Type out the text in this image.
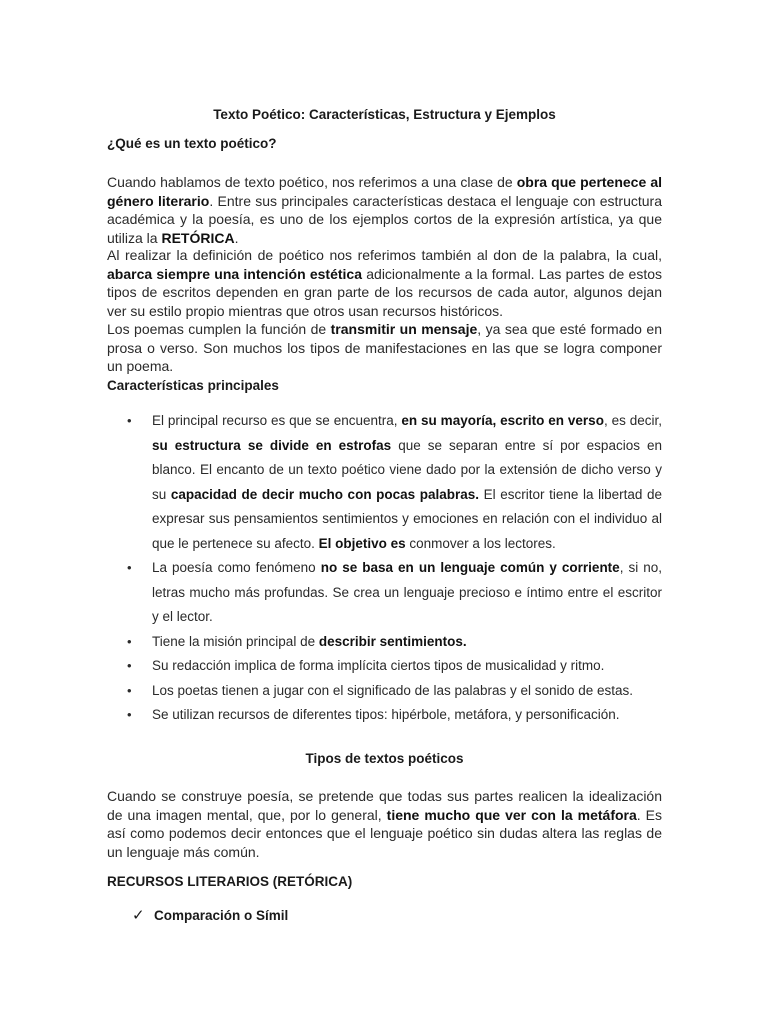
Texto Poético: Características, Estructura y Ejemplos
¿Qué es un texto poético?

Cuando hablamos de texto poético, nos referimos a una clase de obra que pertenece al género literario. Entre sus principales características destaca el lenguaje con estructura académica y la poesía, es uno de los ejemplos cortos de la expresión artística, ya que utiliza la RETÓRICA.

Al realizar la definición de poético nos referimos también al don de la palabra, la cual, abarca siempre una intención estética adicionalmente a la formal. Las partes de estos tipos de escritos dependen en gran parte de los recursos de cada autor, algunos dejan ver su estilo propio mientras que otros usan recursos históricos.

Los poemas cumplen la función de transmitir un mensaje, ya sea que esté formado en prosa o verso. Son muchos los tipos de manifestaciones en las que se logra componer un poema.

Características principales
• El principal recurso es que se encuentra, en su mayoría, escrito en verso, es decir, su estructura se divide en estrofas que se separan entre sí por espacios en blanco. El encanto de un texto poético viene dado por la extensión de dicho verso y su capacidad de decir mucho con pocas palabras. El escritor tiene la libertad de expresar sus pensamientos sentimientos y emociones en relación con el individuo al que le pertenece su afecto. El objetivo es conmover a los lectores.
• La poesía como fenómeno no se basa en un lenguaje común y corriente, si no, letras mucho más profundas. Se crea un lenguaje precioso e íntimo entre el escritor y el lector.
• Tiene la misión principal de describir sentimientos.
• Su redacción implica de forma implícita ciertos tipos de musicalidad y ritmo.
• Los poetas tienen a jugar con el significado de las palabras y el sonido de estas.
• Se utilizan recursos de diferentes tipos: hipérbole, metáfora, y personificación.
Tipos de textos poéticos

Cuando se construye poesía, se pretende que todas sus partes realicen la idealización de una imagen mental, que, por lo general, tiene mucho que ver con la metáfora. Es así como podemos decir entonces que el lenguaje poético sin dudas altera las reglas de un lenguaje más común.

RECURSOS LITERARIOS (RETÓRICA)
✓ Comparación o Símil
